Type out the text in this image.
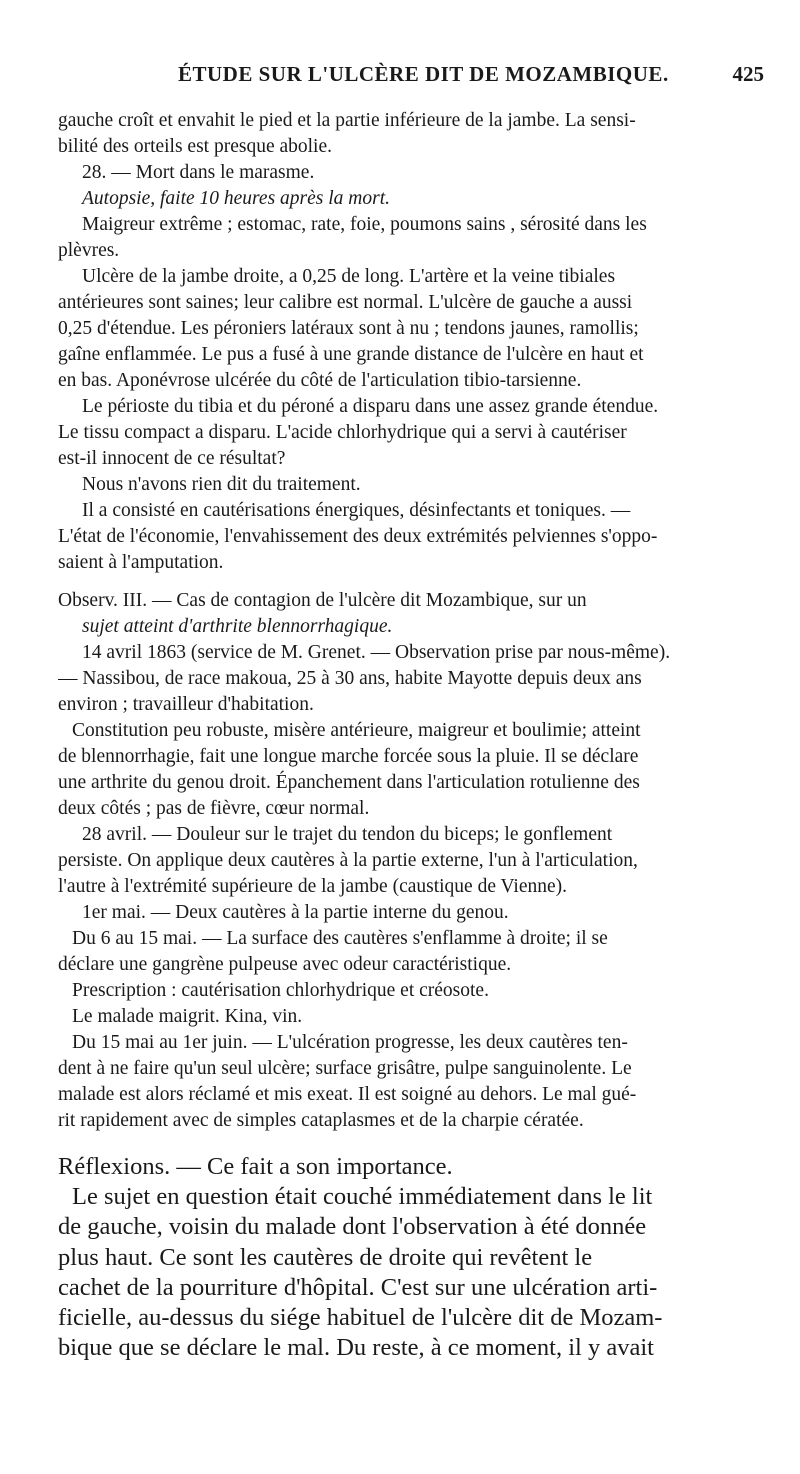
ÉTUDE SUR L'ULCÈRE DIT DE MOZAMBIQUE.	425
gauche croît et envahit le pied et la partie inférieure de la jambe. La sensi-
bilité des orteils est presque abolie.
28. — Mort dans le marasme.
Autopsie, faite 10 heures après la mort.
Maigreur extrême ; estomac, rate, foie, poumons sains , sérosité dans les
plèvres.
Ulcère de la jambe droite, a 0,25 de long. L'artère et la veine tibiales
antérieures sont saines; leur calibre est normal. L'ulcère de gauche a aussi
0,25 d'étendue. Les péroniers latéraux sont à nu ; tendons jaunes, ramollis;
gaîne enflammée. Le pus a fusé à une grande distance de l'ulcère en haut et
en bas. Aponévrose ulcérée du côté de l'articulation tibio-tarsienne.
Le périoste du tibia et du péroné a disparu dans une assez grande étendue.
Le tissu compact a disparu. L'acide chlorhydrique qui a servi à cautériser
est-il innocent de ce résultat?
Nous n'avons rien dit du traitement.
Il a consisté en cautérisations énergiques, désinfectants et toniques. —
L'état de l'économie, l'envahissement des deux extrémités pelviennes s'oppo-
saient à l'amputation.
Observ. III. — Cas de contagion de l'ulcère dit Mozambique, sur un
sujet atteint d'arthrite blennorrhagique.
14 avril 1863 (service de M. Grenet. — Observation prise par nous-même).
— Nassibou, de race makoua, 25 à 30 ans, habite Mayotte depuis deux ans
environ ; travailleur d'habitation.
Constitution peu robuste, misère antérieure, maigreur et boulimie; atteint
de blennorrhagie, fait une longue marche forcée sous la pluie. Il se déclare
une arthrite du genou droit. Épanchement dans l'articulation rotulienne des
deux côtés ; pas de fièvre, cœur normal.
28 avril. — Douleur sur le trajet du tendon du biceps; le gonflement
persiste. On applique deux cautères à la partie externe, l'un à l'articulation,
l'autre à l'extrémité supérieure de la jambe (caustique de Vienne).
1er mai. — Deux cautères à la partie interne du genou.
Du 6 au 15 mai. — La surface des cautères s'enflamme à droite; il se
déclare une gangrène pulpeuse avec odeur caractéristique.
Prescription : cautérisation chlorhydrique et créosote.
Le malade maigrit. Kina, vin.
Du 15 mai au 1er juin. — L'ulcération progresse, les deux cautères ten-
dent à ne faire qu'un seul ulcère; surface grisâtre, pulpe sanguinolente. Le
malade est alors réclamé et mis exeat. Il est soigné au dehors. Le mal gué-
rit rapidement avec de simples cataplasmes et de la charpie cératée.
Réflexions. — Ce fait a son importance.
Le sujet en question était couché immédiatement dans le lit
de gauche, voisin du malade dont l'observation à été donnée
plus haut. Ce sont les cautères de droite qui revêtent le
cachet de la pourriture d'hôpital. C'est sur une ulcération arti-
ficielle, au-dessus du siége habituel de l'ulcère dit de Mozam-
bique que se déclare le mal. Du reste, à ce moment, il y avait
